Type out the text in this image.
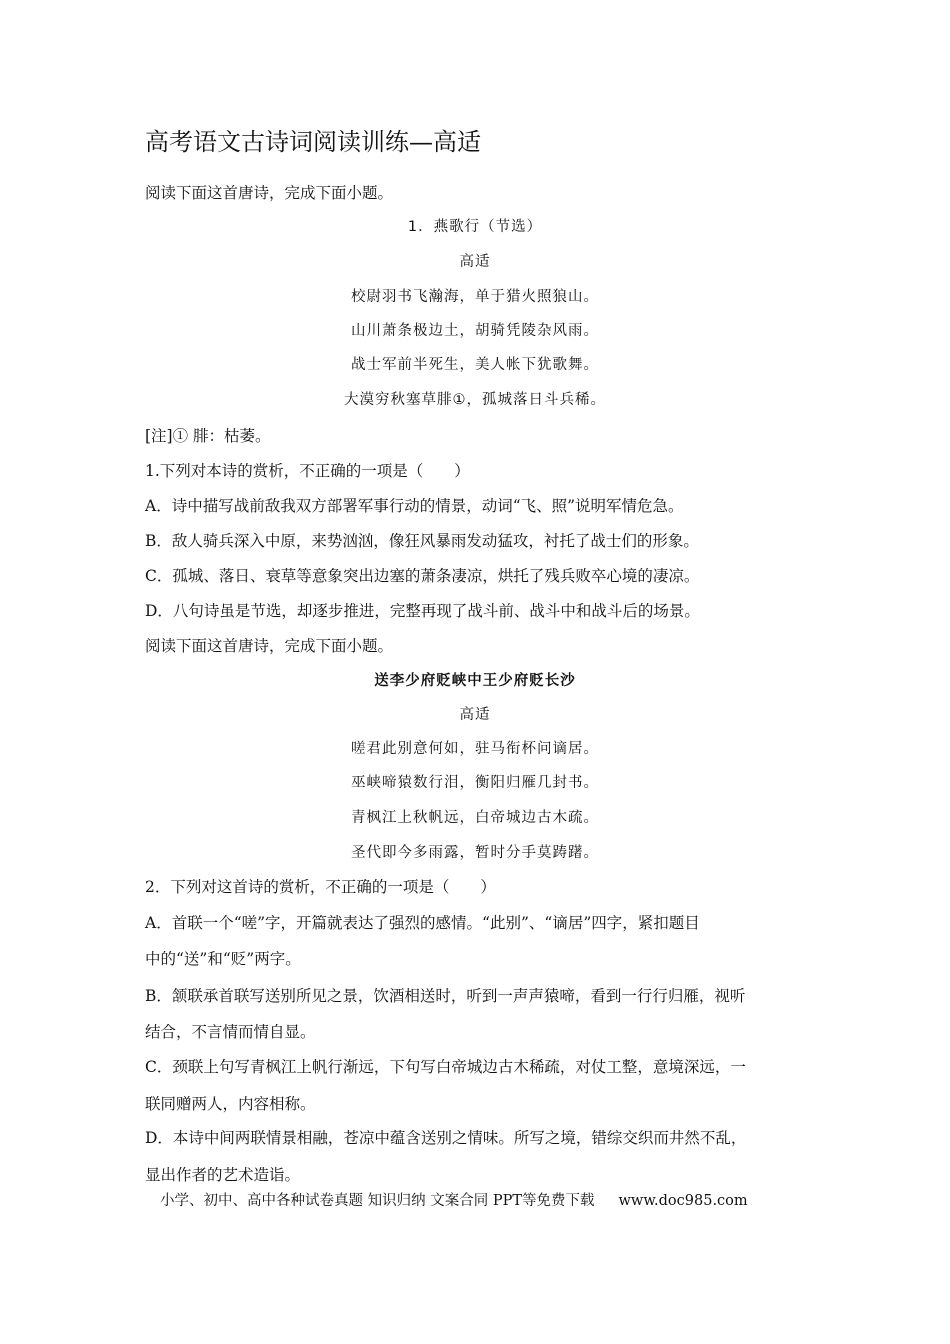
高考语文古诗词阅读训练—高适
阅读下面这首唐诗，完成下面小题。
1．燕歌行（节选）
高适
校尉羽书飞瀚海，单于猎火照狼山。
山川萧条极边土，胡骑凭陵杂风雨。
战士军前半死生，美人帐下犹歌舞。
大漠穷秋塞草腓①，孤城落日斗兵稀。
[注]① 腓：枯萎。
1.下列对本诗的赏析，不正确的一项是（　　）
A．诗中描写战前敌我双方部署军事行动的情景，动词“飞、照”说明军情危急。
B．敌人骑兵深入中原，来势汹汹，像狂风暴雨发动猛攻，衬托了战士们的形象。
C．孤城、落日、衰草等意象突出边塞的萧条凄凉，烘托了残兵败卒心境的凄凉。
D．八句诗虽是节选，却逐步推进，完整再现了战斗前、战斗中和战斗后的场景。
阅读下面这首唐诗，完成下面小题。
送李少府贬峡中王少府贬长沙
高适
嗟君此别意何如，驻马衔杯问谪居。
巫峡啼猿数行泪，衡阳归雁几封书。
青枫江上秋帆远，白帝城边古木疏。
圣代即今多雨露，暂时分手莫踌躇。
2．下列对这首诗的赏析，不正确的一项是（　　）
A．首联一个“嗟”字，开篇就表达了强烈的感情。“此别”、“谪居”四字，紧扣题目
中的“送”和“贬”两字。
B．颔联承首联写送别所见之景，饮酒相送时，听到一声声猿啼，看到一行行归雁，视听
结合，不言情而情自显。
C．颈联上句写青枫江上帆行渐远，下句写白帝城边古木稀疏，对仗工整，意境深远，一
联同赠两人，内容相称。
D．本诗中间两联情景相融，苍凉中蕴含送别之情味。所写之境，错综交织而井然不乱，
显出作者的艺术造诣。
小学、初中、高中各种试卷真题 知识归纳 文案合同 PPT等免费下载 www.doc985.com
